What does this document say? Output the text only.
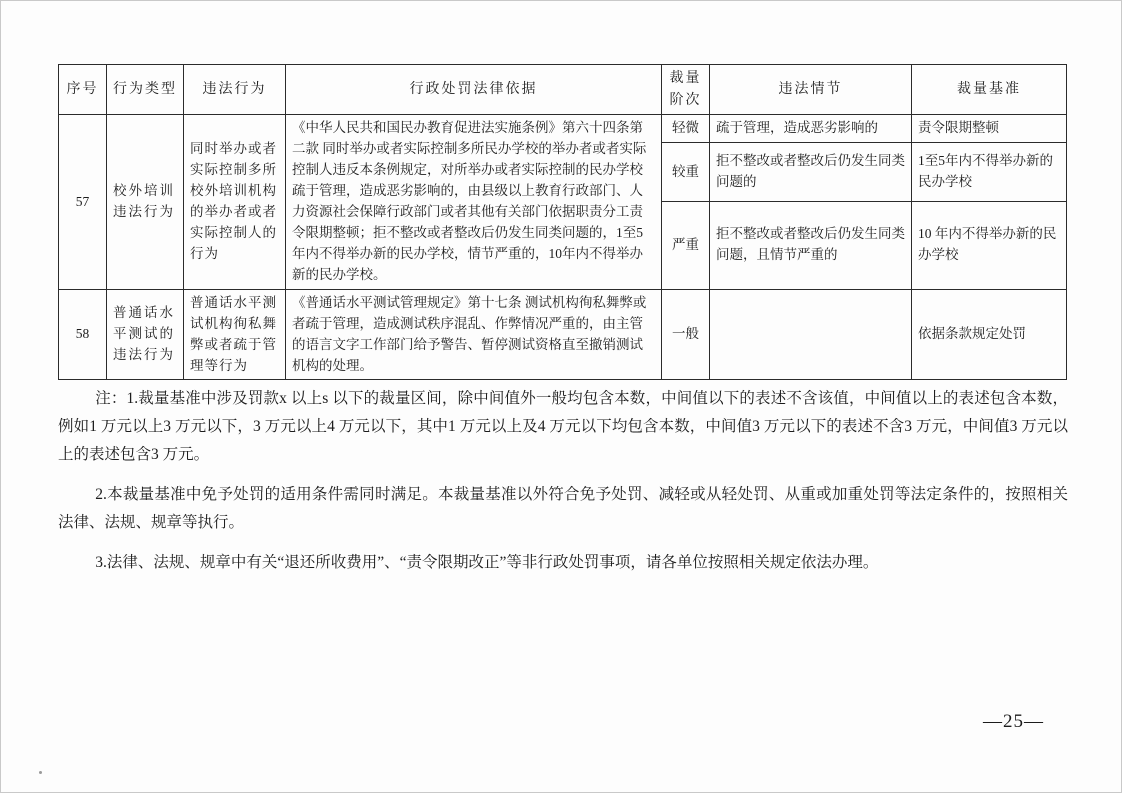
序号	行为类型	违法行为	行政处罚法律依据	裁量阶次	违法情节	裁量基准
57	校外培训违法行为	同时举办或者实际控制多所校外培训机构的举办者或者实际控制人的行为	《中华人民共和国民办教育促进法实施条例》第六十四条第二款 同时举办或者实际控制多所民办学校的举办者或者实际控制人违反本条例规定，对所举办或者实际控制的民办学校疏于管理，造成恶劣影响的，由县级以上教育行政部门、人力资源社会保障行政部门或者其他有关部门依据职责分工责令限期整顿；拒不整改或者整改后仍发生同类问题的，1至5年内不得举办新的民办学校，情节严重的，10年内不得举办新的民办学校。	轻微	疏于管理，造成恶劣影响的	责令限期整顿
				较重	拒不整改或者整改后仍发生同类 问题的	1至5年内不得举办新的民办学校
				严重	拒不整改或者整改后仍发生同类 问题，且情节严重的	10 年内不得举办新的民办学校
58	普通话水平测试的违法行为	普通话水平测试机构徇私舞弊或者疏于管理等行为	《普通话水平测试管理规定》第十七条 测试机构徇私舞弊或者疏于管理，造成测试秩序混乱、作弊情况严重的，由主管的语言文字工作部门给予警告、暂停测试资格直至撤销测试机构的处理。	一般		依据条款规定处罚

注：1.裁量基准中涉及罚款x 以上s 以下的裁量区间，除中间值外一般均包含本数，中间值以下的表述不含该值，中间值以上的表述包含本数，例如1 万元以上3 万元以下，3 万元以上4 万元以下，其中1 万元以上及4 万元以下均包含本数，中间值3 万元以下的表述不含3 万元，中间值3 万元以上的表述包含3 万元。

2.本裁量基准中免予处罚的适用条件需同时满足。本裁量基准以外符合免予处罚、减轻或从轻处罚、从重或加重处罚等法定条件的，按照相关 法律、法规、规章等执行。

3.法律、法规、规章中有关“退还所收费用”、“责令限期改正”等非行政处罚事项，请各单位按照相关规定依法办理。

—25—
